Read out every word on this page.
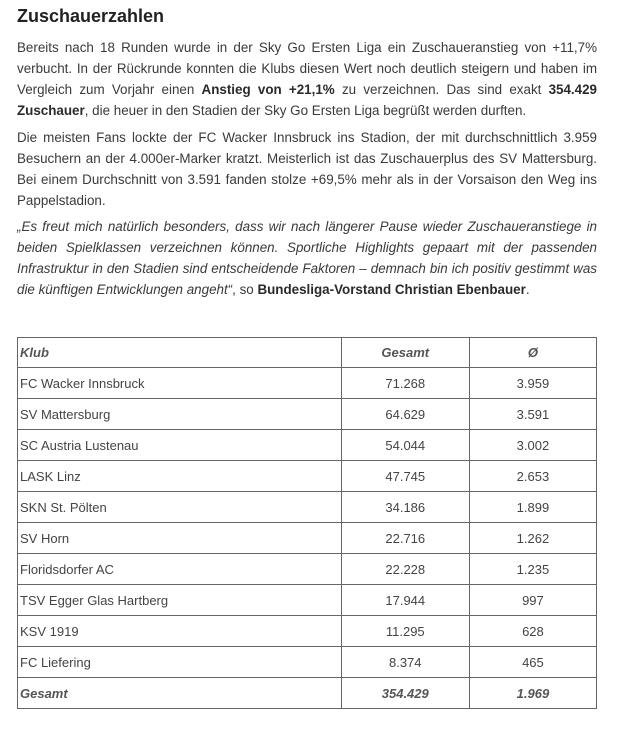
Zuschauerzahlen

Bereits nach 18 Runden wurde in der Sky Go Ersten Liga ein Zuschaueranstieg von +11,7% verbucht. In der Rückrunde konnten die Klubs diesen Wert noch deutlich steigern und haben im Vergleich zum Vorjahr einen Anstieg von +21,1% zu verzeichnen. Das sind exakt 354.429 Zuschauer, die heuer in den Stadien der Sky Go Ersten Liga begrüßt werden durften.

Die meisten Fans lockte der FC Wacker Innsbruck ins Stadion, der mit durchschnittlich 3.959 Besuchern an der 4.000er-Marker kratzt. Meisterlich ist das Zuschauerplus des SV Mattersburg. Bei einem Durchschnitt von 3.591 fanden stolze +69,5% mehr als in der Vorsaison den Weg ins Pappelstadion.

„Es freut mich natürlich besonders, dass wir nach längerer Pause wieder Zuschaueranstiege in beiden Spielklassen verzeichnen können. Sportliche Highlights gepaart mit der passenden Infrastruktur in den Stadien sind entscheidende Faktoren – demnach bin ich positiv gestimmt was die künftigen Entwicklungen angeht“, so Bundesliga-Vorstand Christian Ebenbauer.

Klub	Gesamt	Ø
FC Wacker Innsbruck	71.268	3.959
SV Mattersburg	64.629	3.591
SC Austria Lustenau	54.044	3.002
LASK Linz	47.745	2.653
SKN St. Pölten	34.186	1.899
SV Horn	22.716	1.262
Floridsdorfer AC	22.228	1.235
TSV Egger Glas Hartberg	17.944	997
KSV 1919	11.295	628
FC Liefering	8.374	465
Gesamt	354.429	1.969
